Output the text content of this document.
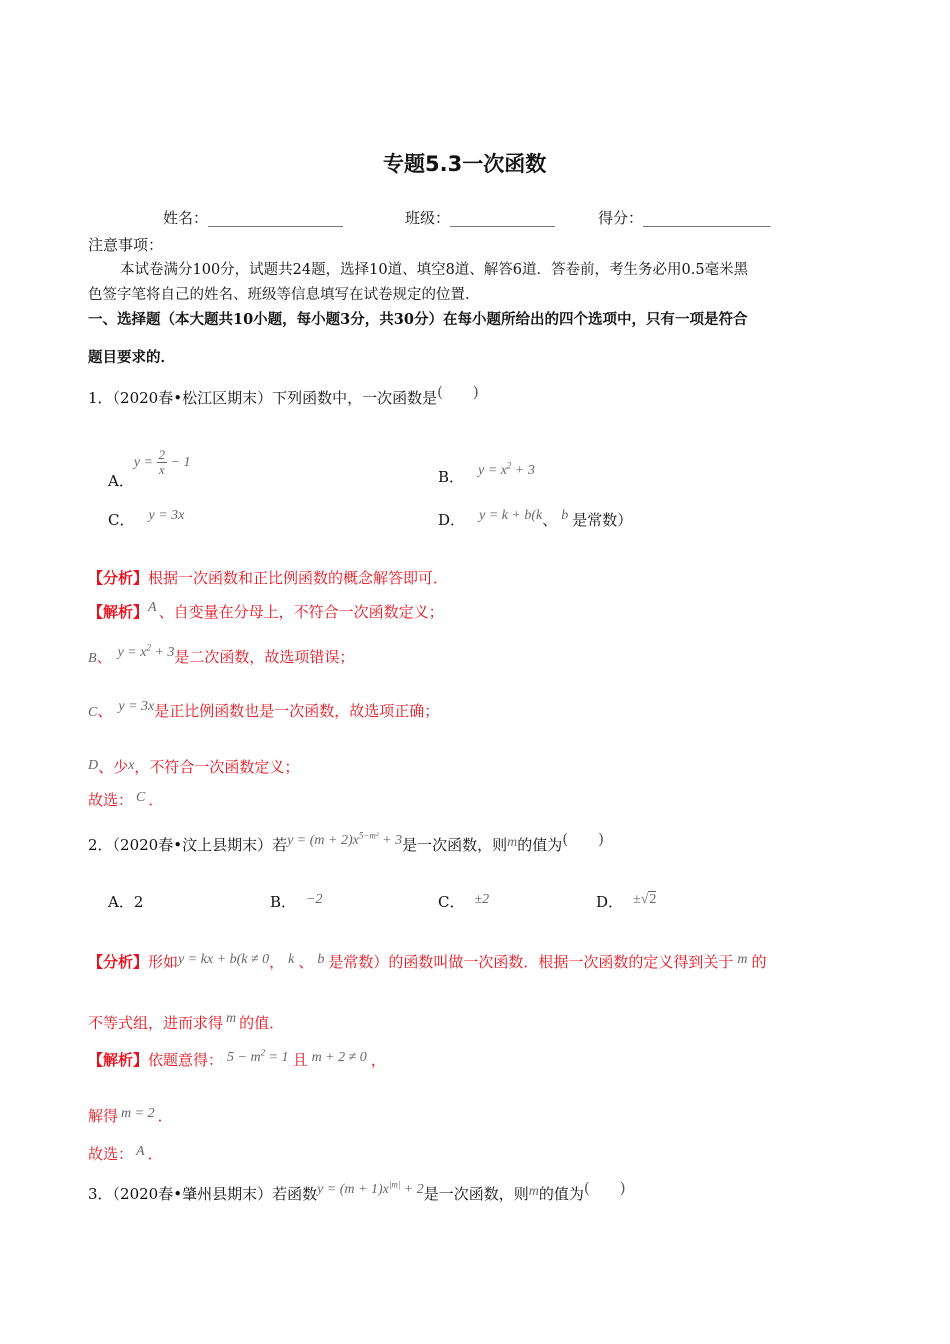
专题5.3一次函数
姓名：__________________	班级：______________	得分：_________________
注意事项：
本试卷满分100分，试题共24题，选择10道、填空8道、解答6道．答卷前，考生务必用0.5毫米黑
色签字笔将自己的姓名、班级等信息填写在试卷规定的位置．
一、选择题（本大题共10小题，每小题3分，共30分）在每小题所给出的四个选项中，只有一项是符合
题目要求的．
1．（2020春•松江区期末）下列函数中，一次函数是(　　)
A．$y = \frac{2}{x} - 1$
B． $y = x^2 + 3$
C． y = 3x	D． y = k + b(k、 b 是常数）
【分析】根据一次函数和正比例函数的概念解答即可．
【解析】A 、自变量在分母上，不符合一次函数定义；
B、 $y = x^2 + 3$是二次函数，故选项错误；
C、 y = 3x是正比例函数也是一次函数，故选项正确；
D、少x，不符合一次函数定义；
故选： C ．
2．（2020春•汶上县期末）若$y = (m + 2)x^{5-m^2} + 3$是一次函数，则m的值为(　　)
A．2	B． −2	C． ±2	D． ±√2
【分析】形如y = kx + b(k ≠ 0， k 、 b 是常数）的函数叫做一次函数．根据一次函数的定义得到关于 m 的
不等式组，进而求得 m 的值．
【解析】依题意得： $5 - m^2 = 1$ 且 m + 2 ≠ 0 ，
解得 m = 2 ．
故选： A ．
3．（2020春•肇州县期末）若函数$y = (m + 1)x^{|m|} + 2$是一次函数，则m的值为(　　)
